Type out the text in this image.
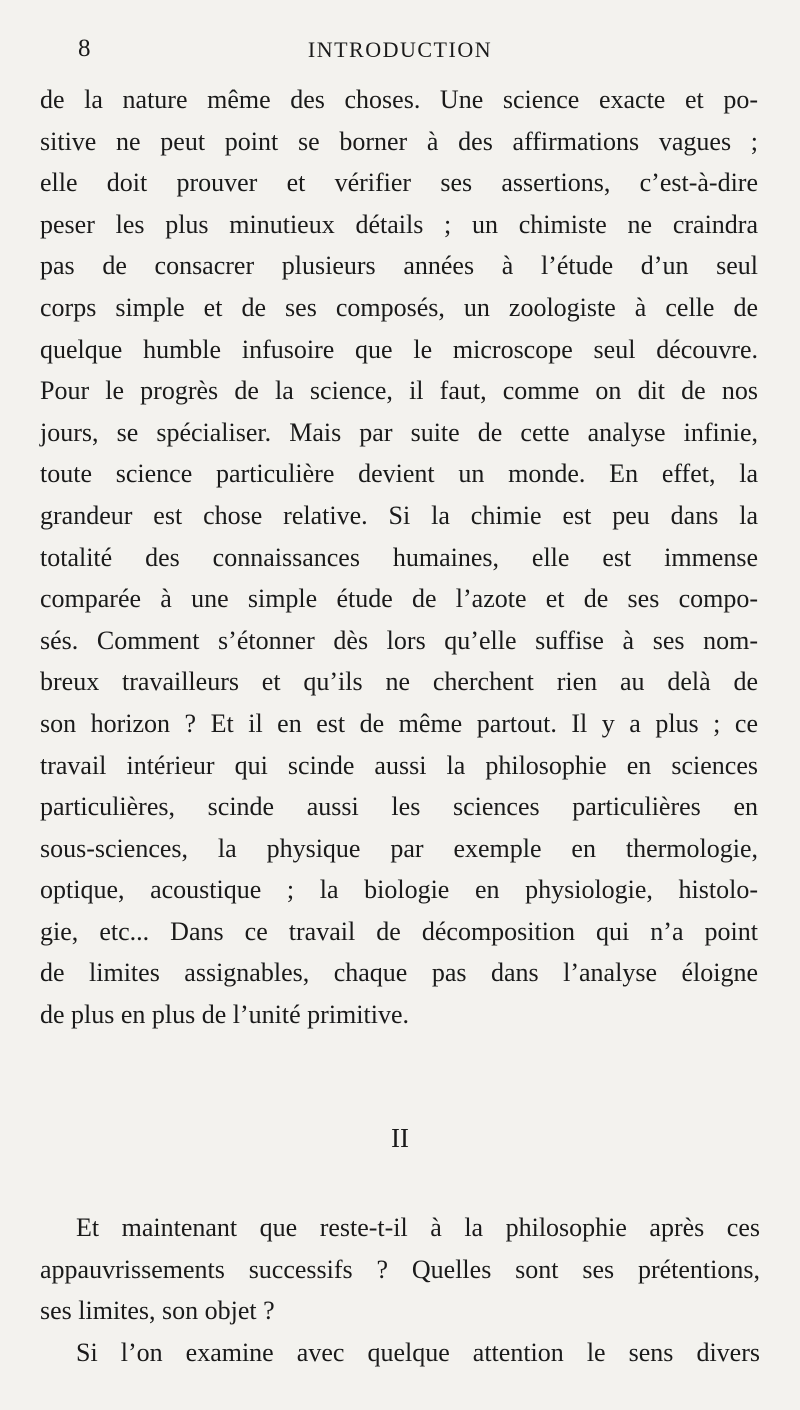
8	INTRODUCTION
de la nature même des choses. Une science exacte et po-
sitive ne peut point se borner à des affirmations vagues ;
elle doit prouver et vérifier ses assertions, c’est-à-dire
peser les plus minutieux détails ; un chimiste ne craindra
pas de consacrer plusieurs années à l’étude d’un seul
corps simple et de ses composés, un zoologiste à celle de
quelque humble infusoire que le microscope seul découvre.
Pour le progrès de la science, il faut, comme on dit de nos
jours, se spécialiser. Mais par suite de cette analyse infinie,
toute science particulière devient un monde. En effet, la
grandeur est chose relative. Si la chimie est peu dans la
totalité des connaissances humaines, elle est immense
comparée à une simple étude de l’azote et de ses compo-
sés. Comment s’étonner dès lors qu’elle suffise à ses nom-
breux travailleurs et qu’ils ne cherchent rien au delà de
son horizon ? Et il en est de même partout. Il y a plus ; ce
travail intérieur qui scinde aussi la philosophie en sciences
particulières, scinde aussi les sciences particulières en
sous-sciences, la physique par exemple en thermologie,
optique, acoustique ; la biologie en physiologie, histolo-
gie, etc... Dans ce travail de décomposition qui n’a point
de limites assignables, chaque pas dans l’analyse éloigne
de plus en plus de l’unité primitive.
II
Et maintenant que reste-t-il à la philosophie après ces
appauvrissements successifs ? Quelles sont ses prétentions,
ses limites, son objet ?
Si l’on examine avec quelque attention le sens divers
